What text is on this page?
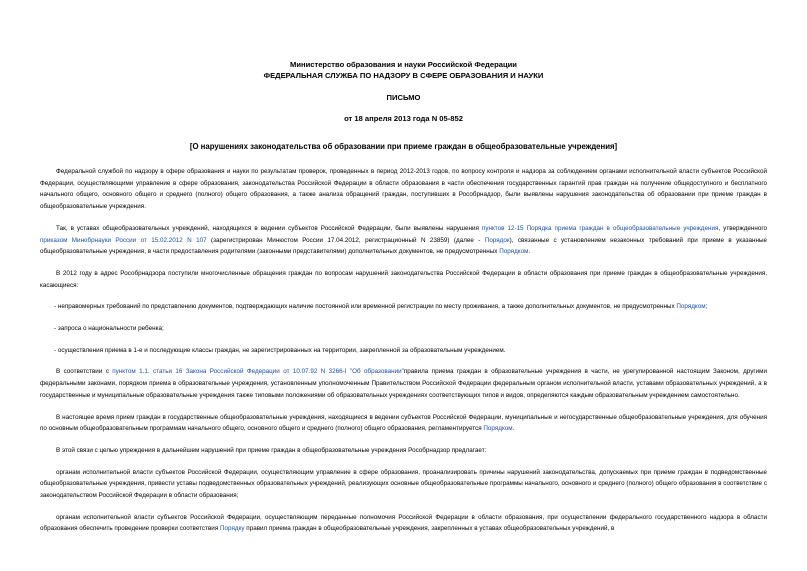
Министерство образования и науки Российской Федерации
ФЕДЕРАЛЬНАЯ СЛУЖБА ПО НАДЗОРУ В СФЕРЕ ОБРАЗОВАНИЯ И НАУКИ
ПИСЬМО
от 18 апреля 2013 года N 05-852
[О нарушениях законодательства об образовании при приеме граждан в общеобразовательные учреждения]

Федеральной службой по надзору в сфере образования и науки по результатам проверок, проведенных в период 2012-2013 годов, по вопросу контроля и надзора за соблюдением органами исполнительной власти субъектов Российской Федерации, осуществляющими управление в сфере образования, законодательства Российской Федерации в области образования в части обеспечения государственных гарантий прав граждан на получение общедоступного и бесплатного начального общего, основного общего и среднего (полного) общего образования, а также анализа обращений граждан, поступивших в Рособрнадзор, были выявлены нарушения законодательства об образовании при приеме граждан в общеобразовательные учреждения.

Так, в уставах общеобразовательных учреждений, находящихся в ведении субъектов Российской Федерации, были выявлены нарушения пунктов 12-15 Порядка приема граждан в общеобразовательные учреждения, утвержденного приказом Минобрнауки России от 15.02.2012 N 107 (зарегистрирован Минюстом России 17.04.2012, регистрационный N 23859) (далее - Порядок), связанные с установлением незаконных требований при приеме в указанные общеобразовательные учреждения, в части предоставления родителями (законными представителями) дополнительных документов, не предусмотренных Порядком.

В 2012 году в адрес Рособрнадзора поступили многочисленные обращения граждан по вопросам нарушений законодательства Российской Федерации в области образования при приеме граждан в общеобразовательные учреждения, касающиеся:

- неправомерных требований по представлению документов, подтверждающих наличие постоянной или временной регистрации по месту проживания, а также дополнительных документов, не предусмотренных Порядком;

- запроса о национальности ребенка;

- осуществления приема в 1-е и последующие классы граждан, не зарегистрированных на территории, закрепленной за образовательным учреждением.

В соответствии с пунктом 1.1. статьи 16 Закона Российской Федерации от 10.07.92 N 3266-I "Об образовании"правила приема граждан в образовательные учреждения в части, не урегулированной настоящим Законом, другими федеральными законами, порядком приема в образовательные учреждения, установленным уполномоченным Правительством Российской Федерации федеральным органом исполнительной власти, уставами образовательных учреждений, а в государственные и муниципальные образовательные учреждения также типовыми положениями об образовательных учреждениях соответствующих типов и видов, определяются каждым образовательным учреждением самостоятельно.

В настоящее время прием граждан в государственные общеобразовательные учреждения, находящиеся в ведении субъектов Российской Федерации, муниципальные и негосударственные общеобразовательные учреждения, для обучения по основным общеобразовательным программам начального общего, основного общего и среднего (полного) общего образования, регламентируется Порядком.

В этой связи с целью упреждения в дальнейшем нарушений при приеме граждан в общеобразовательные учреждения Рособрнадзор предлагает:

органам исполнительной власти субъектов Российской Федерации, осуществляющим управление в сфере образования, проанализировать причины нарушений законодательства, допускаемых при приеме граждан в подведомственные общеобразовательные учреждения, привести уставы подведомственных образовательных учреждений, реализующих основные общеобразовательные программы начального, основного и среднего (полного) общего образования в соответствие с законодательством Российской Федерации в области образования;

органам исполнительной власти субъектов Российской Федерации, осуществляющим переданные полномочия Российской Федерации в области образования, при осуществлении федерального государственного надзора в области образования обеспечить проведение проверки соответствия Порядку правил приема граждан в общеобразовательные учреждения, закрепленных в уставах общеобразовательных учреждений, в
